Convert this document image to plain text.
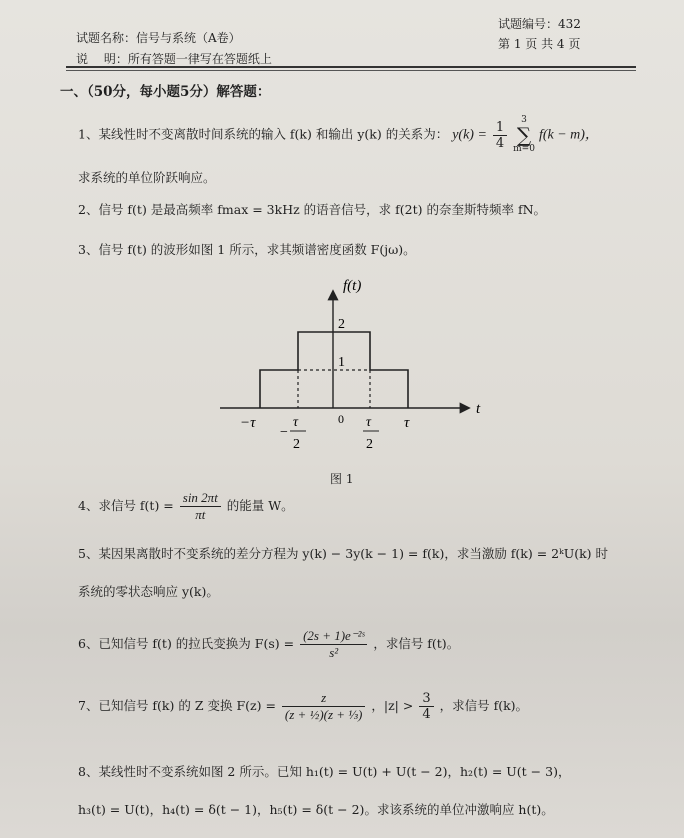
试题名称：信号与系统（A卷）
说　 明：所有答题一律写在答题纸上
试题编号：432
第 1 页 共 4 页
一、（50分，每小题5分）解答题：
1、某线性时不变离散时间系统的输入 f(k) 和输出 y(k) 的关系为： $y(k) = \frac{1}{4} 3$
∑
m=0 f(k − m)，
求系统的单位阶跃响应。
2、信号 f(t) 是最高频率 fmax = 3kHz 的语音信号，求 f(2t) 的奈奎斯特频率 fN。
3、信号 f(t) 的波形如图 1 所示，求其频谱密度函数 F(jω)。
f(t)
t
2
1
0
−τ
−
τ
2
τ
2
τ
图 1
4、求信号 $f(t) = \frac{\sin 2\pi t}{\pi t}$ 的能量 W。
5、某因果离散时不变系统的差分方程为 y(k) − 3y(k − 1) = f(k)，求当激励 f(k) = 2ᵏU(k) 时
系统的零状态响应 y(k)。
6、已知信号 f(t) 的拉氏变换为 $F(s) = \frac{\text{(2s + 1)e⁻²ˢ}}{\text{s²}}$ ，求信号 f(t)。
7、已知信号 f(k) 的 Z 变换 $F(z) = \frac{z}{\text{(z + ½)(z + ⅓)}}$ ，$|z| > \frac{3}{4}$ ，求信号 f(k)。
8、某线性时不变系统如图 2 所示。已知 h₁(t) = U(t) + U(t − 2)，h₂(t) = U(t − 3)，
h₃(t) = U(t)，h₄(t) = δ(t − 1)，h₅(t) = δ(t − 2)。求该系统的单位冲激响应 h(t)。
